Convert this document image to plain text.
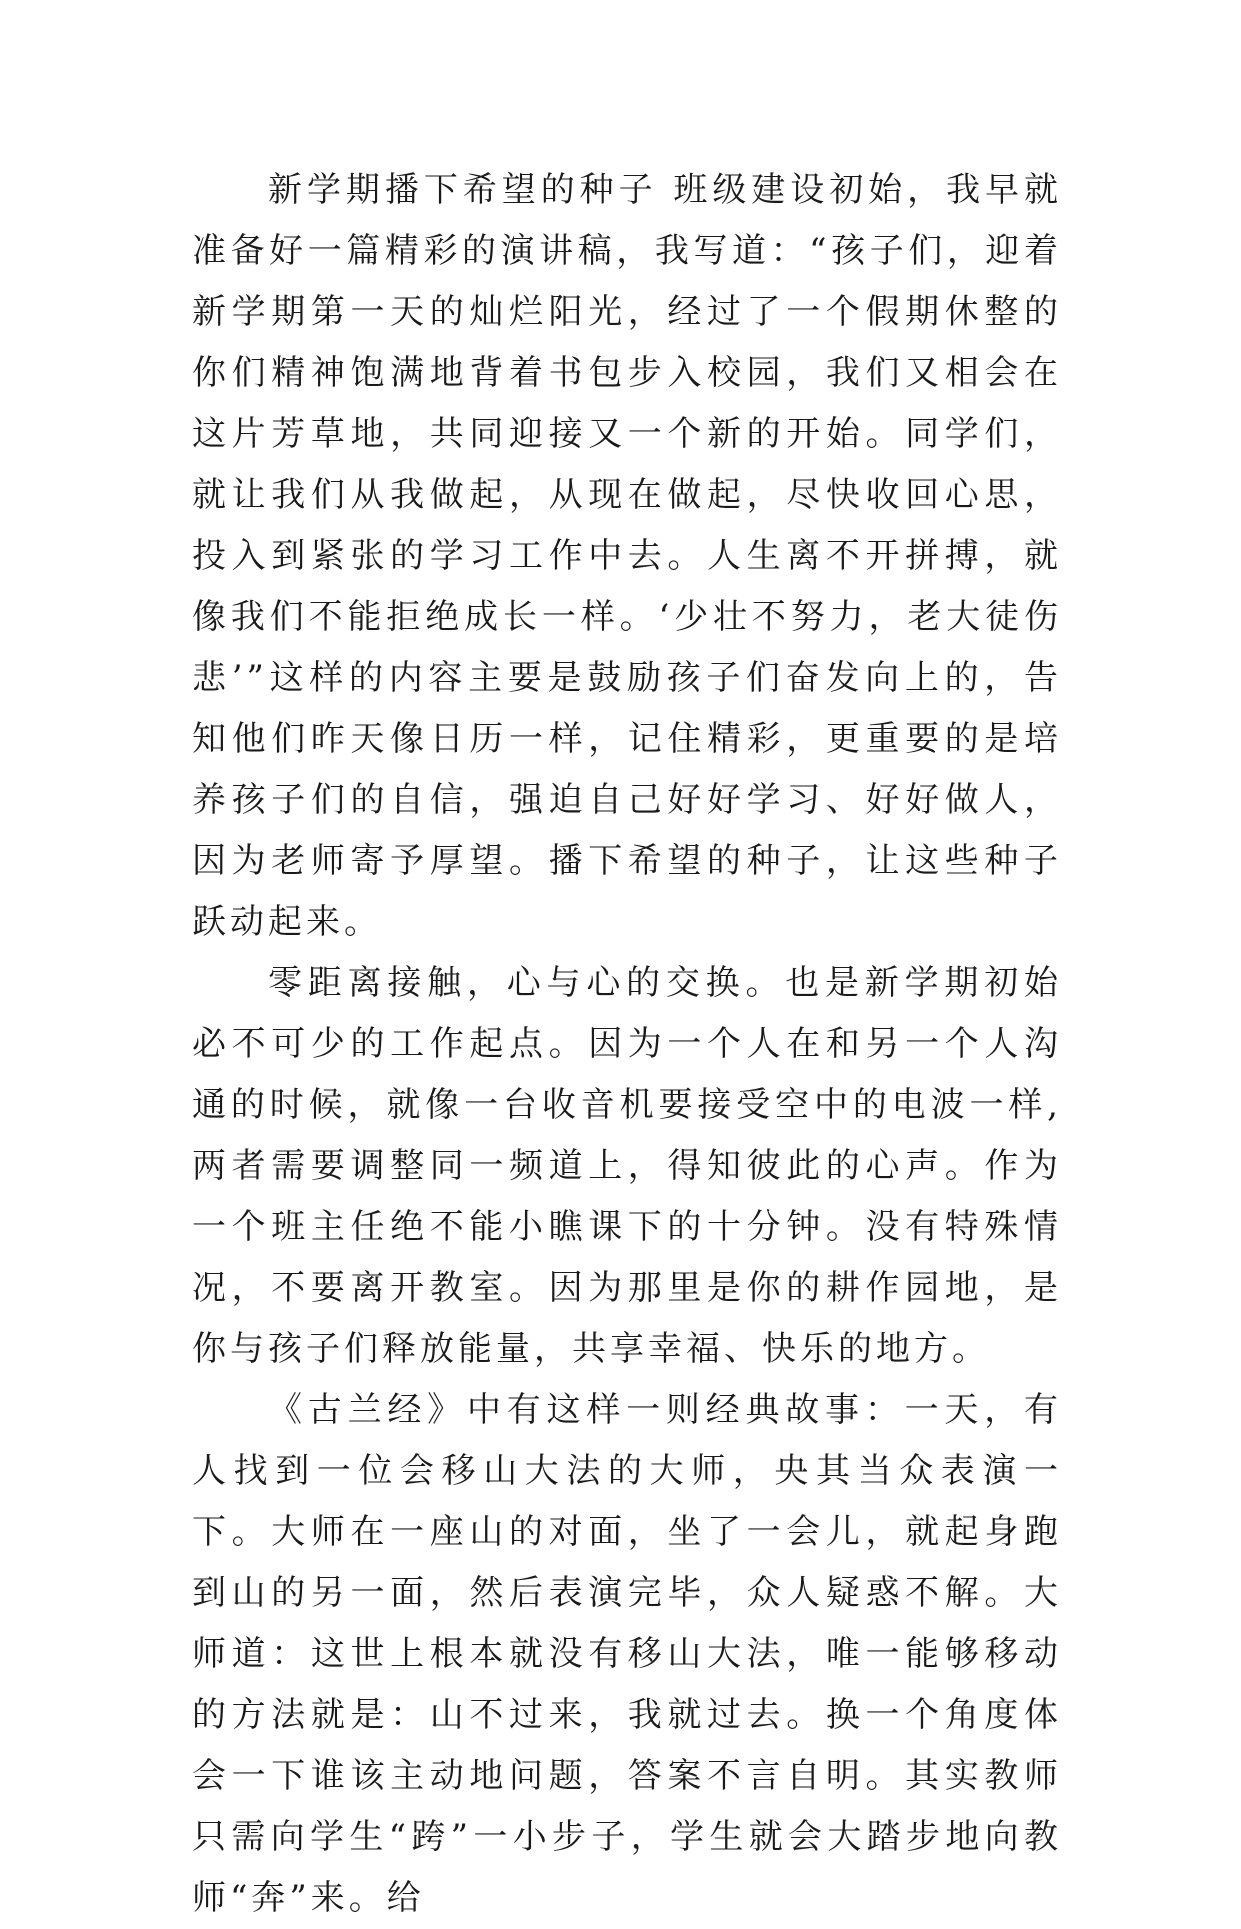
新学期播下希望的种子 班级建设初始，我早就准备好一篇精彩的演讲稿，我写道：“孩子们，迎着新学期第一天的灿烂阳光，经过了一个假期休整的你们精神饱满地背着书包步入校园，我们又相会在这片芳草地，共同迎接又一个新的开始。同学们，就让我们从我做起，从现在做起，尽快收回心思，投入到紧张的学习工作中去。人生离不开拼搏，就像我们不能拒绝成长一样。‘少壮不努力，老大徒伤悲’”这样的内容主要是鼓励孩子们奋发向上的，告知他们昨天像日历一样，记住精彩，更重要的是培养孩子们的自信，强迫自己好好学习、好好做人，因为老师寄予厚望。播下希望的种子，让这些种子跃动起来。

零距离接触，心与心的交换。也是新学期初始必不可少的工作起点。因为一个人在和另一个人沟通的时候，就像一台收音机要接受空中的电波一样,两者需要调整同一频道上，得知彼此的心声。作为一个班主任绝不能小瞧课下的十分钟。没有特殊情况，不要离开教室。因为那里是你的耕作园地，是你与孩子们释放能量，共享幸福、快乐的地方。

《古兰经》中有这样一则经典故事：一天，有人找到一位会移山大法的大师，央其当众表演一下。大师在一座山的对面，坐了一会儿，就起身跑到山的另一面，然后表演完毕，众人疑惑不解。大师道：这世上根本就没有移山大法，唯一能够移动的方法就是：山不过来，我就过去。换一个角度体会一下谁该主动地问题，答案不言自明。其实教师只需向学生“跨”一小步子，学生就会大踏步地向教师“奔”来。给
